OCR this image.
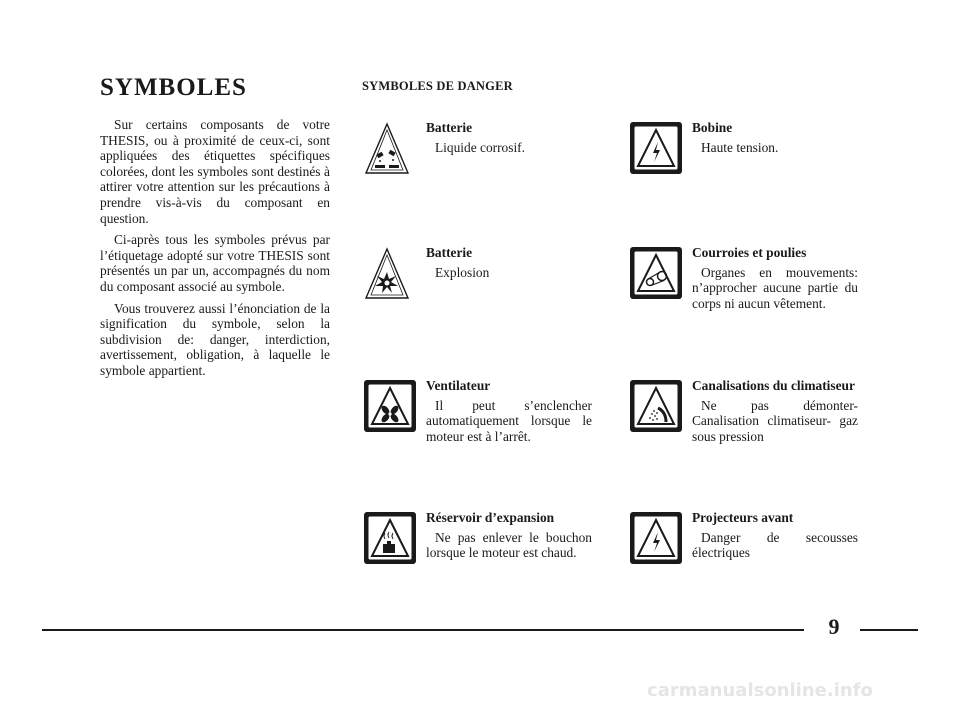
SYMBOLES

Sur certains composants de votre THESIS, ou à proximité de ceux-ci, sont appliquées des étiquettes spécifiques colorées, dont les symboles sont destinés à attirer votre attention sur les précautions à prendre vis-à-vis du composant en question.

Ci-après tous les symboles prévus par l’étiquetage adopté sur votre THESIS sont présentés un par un, accompagnés du nom du composant associé au symbole.

Vous trouverez aussi l’énonciation de la signification du symbole, selon la subdivision de: danger, interdiction, avertissement, obligation, à laquelle le symbole appartient.

SYMBOLES DE DANGER
Batterie
Liquide corrosif.
Bobine
Haute tension.
Batterie
Explosion
Courroies et poulies
Organes en mouvements: n’approcher aucune partie du corps ni aucun vêtement.
Ventilateur
Il peut s’enclencher automatiquement lorsque le moteur est à l’arrêt.
Canalisations du climatiseur
Ne pas démonter- Canalisation climatiseur- gaz sous pression
Réservoir d’expansion
Ne pas enlever le bouchon lorsque le moteur est chaud.
Projecteurs avant
Danger de secousses électriques
9
carmanualsonline.info
